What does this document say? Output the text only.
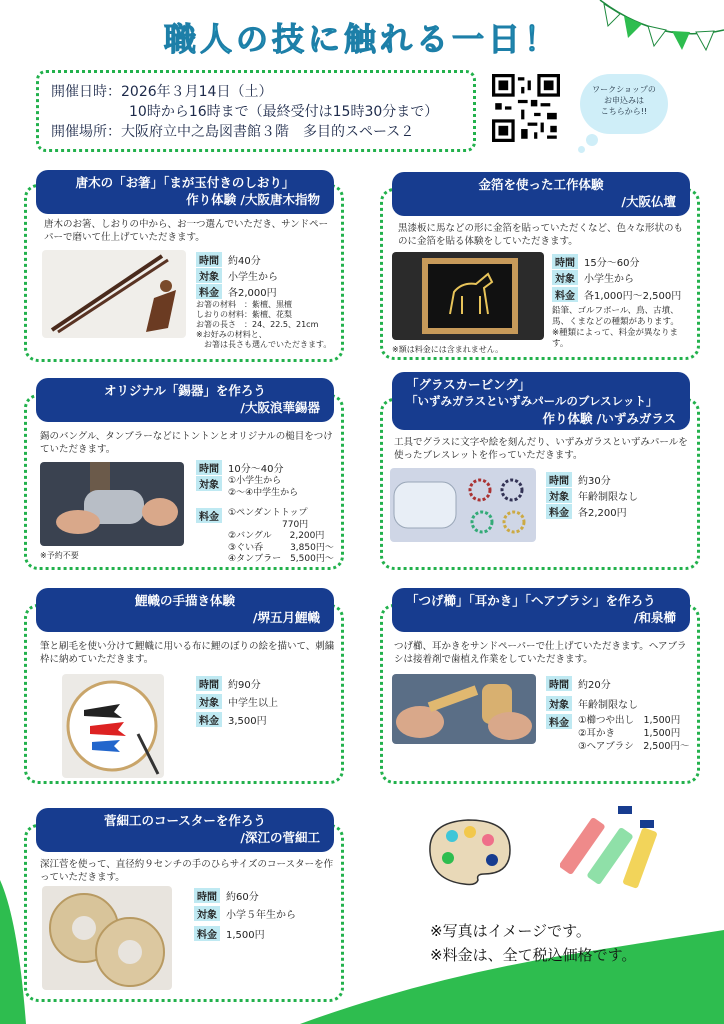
職人の技に触れる一日！
開催日時：2026年３月14日（土）
10時から16時まで（最終受付は15時30分まで）
開催場所：大阪府立中之島図書館３階　多目的スペース２
ワークショップの
お申込みは
こちらから!!
唐木の「お箸」「まが玉付きのしおり」
作り体験 /大阪唐木指物
唐木のお箸、しおりの中から、お一つ選んでいただき、サンドペーパーで磨いて仕上げていただきます。
時間 約40分
対象 小学生から
料金 各2,000円
お箸の材料　：紫檀、黒檀
しおりの材料：紫檀、花梨
お箸の長さ　：24、22.5、21cm
※お好みの材料と、
　お箸は長さも選んでいただきます。
金箔を使った工作体験
/大阪仏壇
黒漆板に馬などの形に金箔を貼っていただくなど、色々な形状のものに金箔を貼る体験をしていただきます。
※額は料金には含まれません。
時間 15分～60分
対象 小学生から
料金 各1,000円～2,500円
鉛筆、ゴルフボール、鳥、古墳、
馬、くまなどの種類があります。
※種類によって、料金が異なりま
す。
オリジナル「錫器」を作ろう
/大阪浪華錫器
錫のバングル、タンブラーなどにトントンとオリジナルの槌目をつけていただきます。
※予約不要
時間 10分～40分
対象 ①小学生から
②～④中学生から
料金 ①ペンダントトップ
　　　　　　770円
②バングル　　2,200円
③ぐい呑　　　3,850円～
④タンブラー　5,500円～
「グラスカービング」
「いずみガラスといずみパールのブレスレット」
作り体験 /いずみガラス
工具でグラスに文字や絵を刻んだり、いずみガラスといずみパールを使ったブレスレットを作っていただきます。
時間 約30分
対象 年齢制限なし
料金 各2,200円
鯉幟の手描き体験
/堺五月鯉幟
筆と刷毛を使い分けて鯉幟に用いる布に鯉のぼりの絵を描いて、刺繍枠に納めていただきます。
時間 約90分
対象 中学生以上
料金 3,500円
「つげ櫛」「耳かき」「ヘアブラシ」を作ろう
/和泉櫛
つげ櫛、耳かきをサンドペーパーで仕上げていただきます。ヘアブラシは接着剤で歯植え作業をしていただきます。
時間 約20分
対象 年齢制限なし
料金 ①櫛つや出し　1,500円
②耳かき　　　1,500円
③ヘアブラシ　2,500円～
菅細工のコースターを作ろう
/深江の菅細工
深江菅を使って、直径約９センチの手のひらサイズのコースターを作っていただきます。
時間 約60分
対象 小学５年生から
料金 1,500円	※写真はイメージです。
※料金は、全て税込価格です。
